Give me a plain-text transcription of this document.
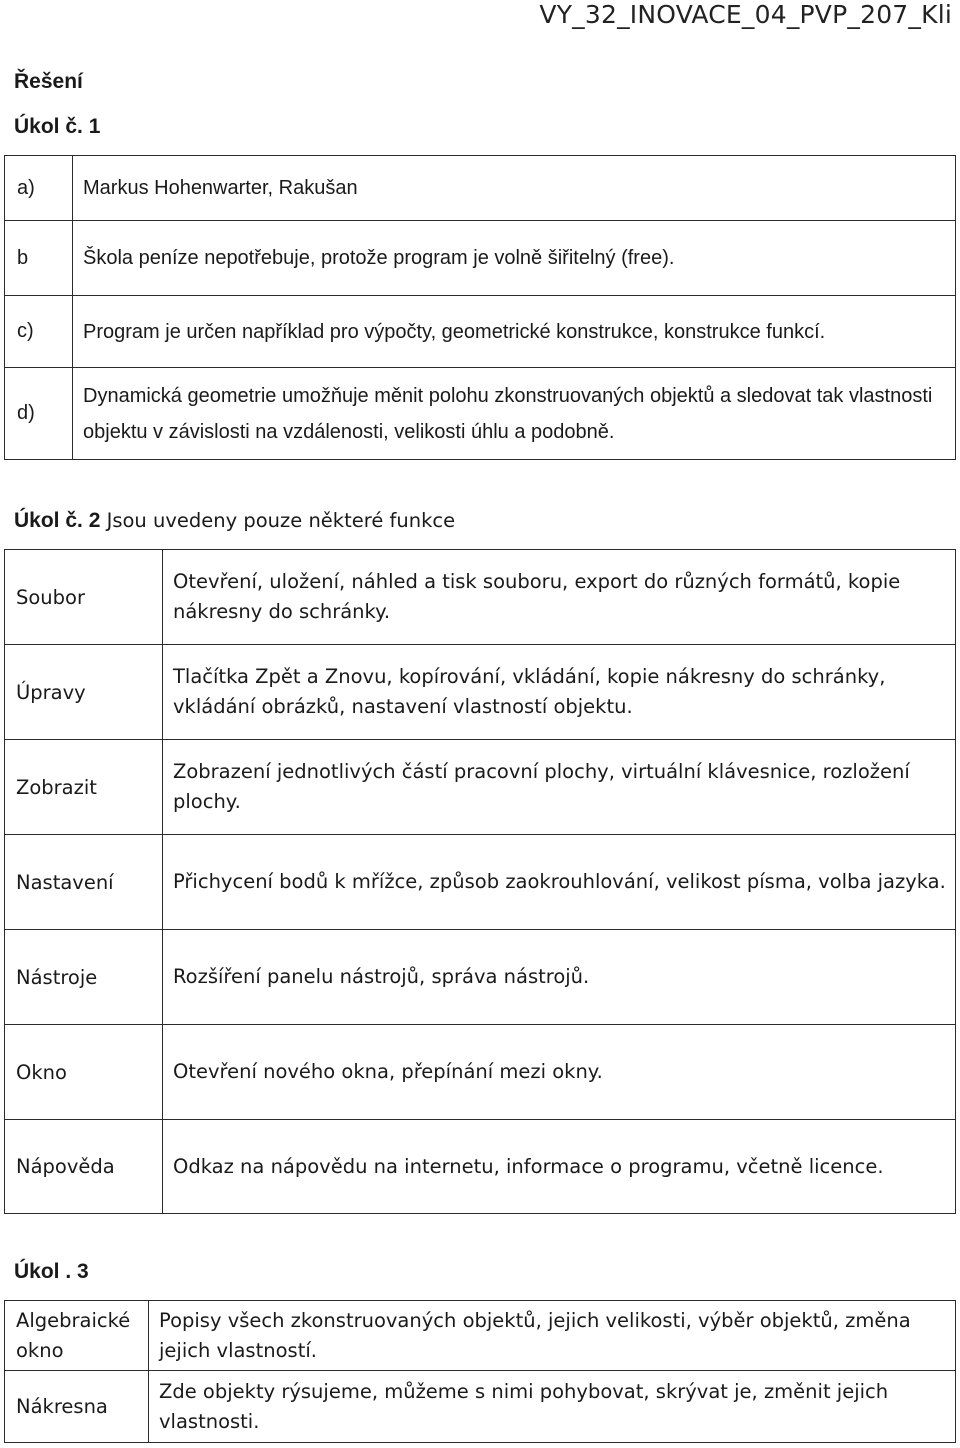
VY_32_INOVACE_04_PVP_207_Kli
Řešení
Úkol č. 1
a)	Markus Hohenwarter, Rakušan
b	Škola peníze nepotřebuje, protože program je volně šiřitelný (free).
c)	Program je určen například pro výpočty, geometrické konstrukce, konstrukce funkcí.
d)	Dynamická geometrie umožňuje měnit polohu zkonstruovaných objektů a sledovat tak vlastnosti objektu v závislosti na vzdálenosti, velikosti úhlu a podobně.
Úkol č. 2 Jsou uvedeny pouze některé funkce
Soubor	Otevření, uložení, náhled a tisk souboru, export do různých formátů, kopie nákresny do schránky.
Úpravy	Tlačítka Zpět a Znovu, kopírování, vkládání, kopie nákresny do schránky, vkládání obrázků, nastavení vlastností objektu.
Zobrazit	Zobrazení jednotlivých částí pracovní plochy, virtuální klávesnice, rozložení plochy.
Nastavení	Přichycení bodů k mřížce, způsob zaokrouhlování, velikost písma, volba jazyka.
Nástroje	Rozšíření panelu nástrojů, správa nástrojů.
Okno	Otevření nového okna, přepínání mezi okny.
Nápověda	Odkaz na nápovědu na internetu, informace o programu, včetně licence.
Úkol . 3
Algebraické okno	Popisy všech zkonstruovaných objektů, jejich velikosti, výběr objektů, změna jejich vlastností.
Nákresna	Zde objekty rýsujeme, můžeme s nimi pohybovat, skrývat je, změnit jejich vlastnosti.
